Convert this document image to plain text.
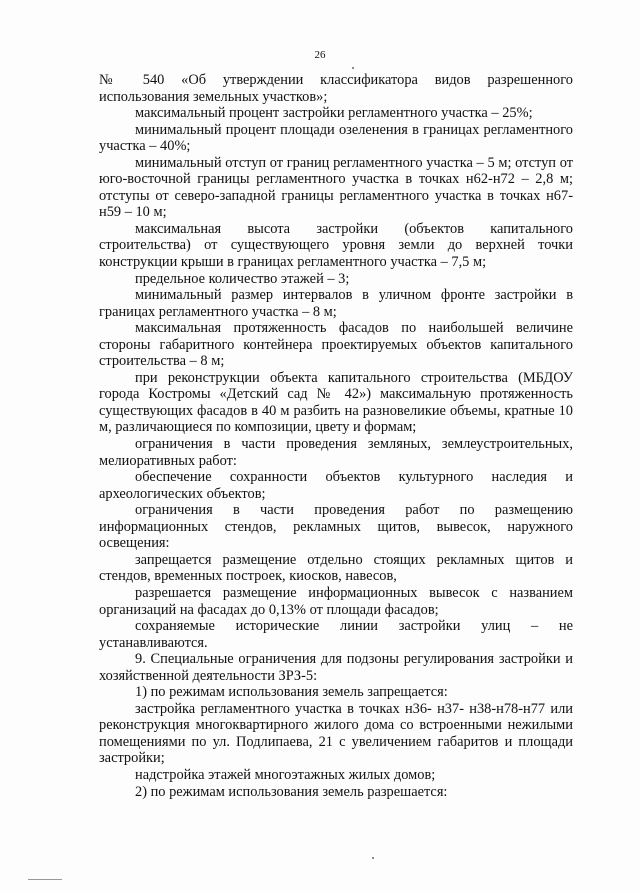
26

№ 540 «Об утверждении классификатора видов разрешенного использования земельных участков»;

максимальный процент застройки регламентного участка – 25%;

минимальный процент площади озеленения в границах регламентного участка – 40%;

минимальный отступ от границ регламентного участка – 5 м; отступ от юго-восточной границы регламентного участка в точках н62-н72 – 2,8 м; отступы от северо-западной границы регламентного участка в точках н67-н59 – 10 м;

максимальная высота застройки (объектов капитального строительства) от существующего уровня земли до верхней точки конструкции крыши в границах регламентного участка – 7,5 м;

предельное количество этажей – 3;

минимальный размер интервалов в уличном фронте застройки в границах регламентного участка – 8 м;

максимальная протяженность фасадов по наибольшей величине стороны габаритного контейнера проектируемых объектов капитального строительства – 8 м;

при реконструкции объекта капитального строительства (МБДОУ города Костромы «Детский сад № 42») максимальную протяженность существующих фасадов в 40 м разбить на разновеликие объемы, кратные 10 м, различающиеся по композиции, цвету и формам;

ограничения в части проведения земляных, землеустроительных, мелиоративных работ:

обеспечение сохранности объектов культурного наследия и археологических объектов;

ограничения в части проведения работ по размещению информационных стендов, рекламных щитов, вывесок, наружного освещения:

запрещается размещение отдельно стоящих рекламных щитов и стендов, временных построек, киосков, навесов,

разрешается размещение информационных вывесок с названием организаций на фасадах до 0,13% от площади фасадов;

сохраняемые исторические линии застройки улиц – не устанавливаются.

9. Специальные ограничения для подзоны регулирования застройки и хозяйственной деятельности ЗРЗ-5:

1) по режимам использования земель запрещается:

застройка регламентного участка в точках н36- н37- н38-н78-н77 или реконструкция многоквартирного жилого дома со встроенными нежилыми помещениями по ул. Подлипаева, 21 с увеличением габаритов и площади застройки;

надстройка этажей многоэтажных жилых домов;

2) по режимам использования земель разрешается:
